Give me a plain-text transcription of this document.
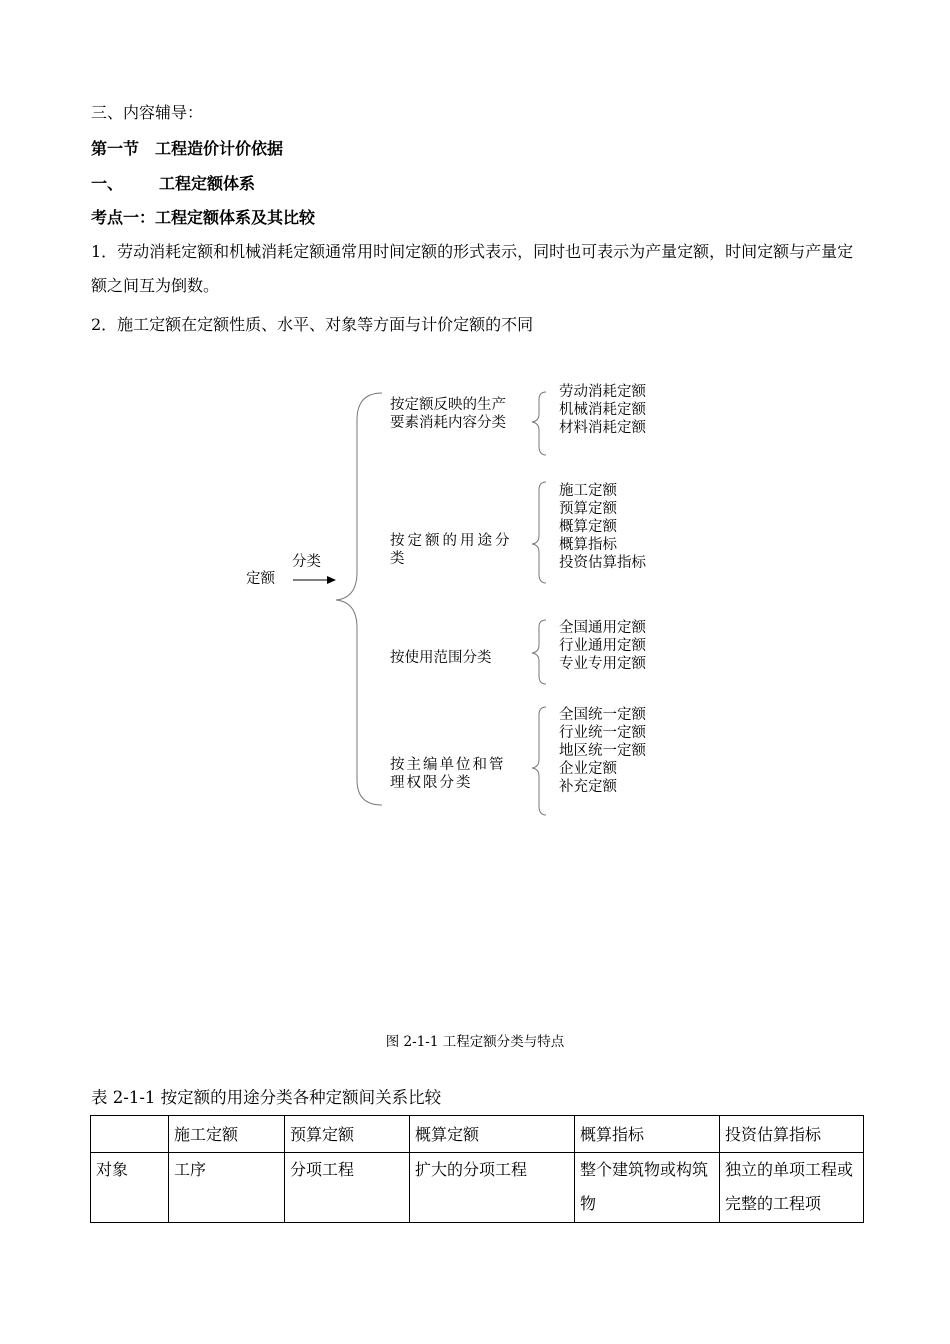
三、内容辅导：
第一节　工程造价计价依据
一、 工程定额体系
考点一：工程定额体系及其比较
1．劳动消耗定额和机械消耗定额通常用时间定额的形式表示，同时也可表示为产量定额，时间定额与产量定额之间互为倒数。
2．施工定额在定额性质、水平、对象等方面与计价定额的不同
定额
分类
按定额反映的生产要素消耗内容分类
按定额的用途分类
按使用范围分类
按主编单位和管理权限分类
劳动消耗定额
机械消耗定额
材料消耗定额
施工定额
预算定额
概算定额
概算指标
投资估算指标
全国通用定额
行业通用定额
专业专用定额
全国统一定额
行业统一定额
地区统一定额
企业定额
补充定额
图 2-1-1 工程定额分类与特点
表 2-1-1 按定额的用途分类各种定额间关系比较
	施工定额	预算定额	概算定额	概算指标	投资估算指标
对象	工序	分项工程	扩大的分项工程	整个建筑物或构筑物	独立的单项工程或完整的工程项
